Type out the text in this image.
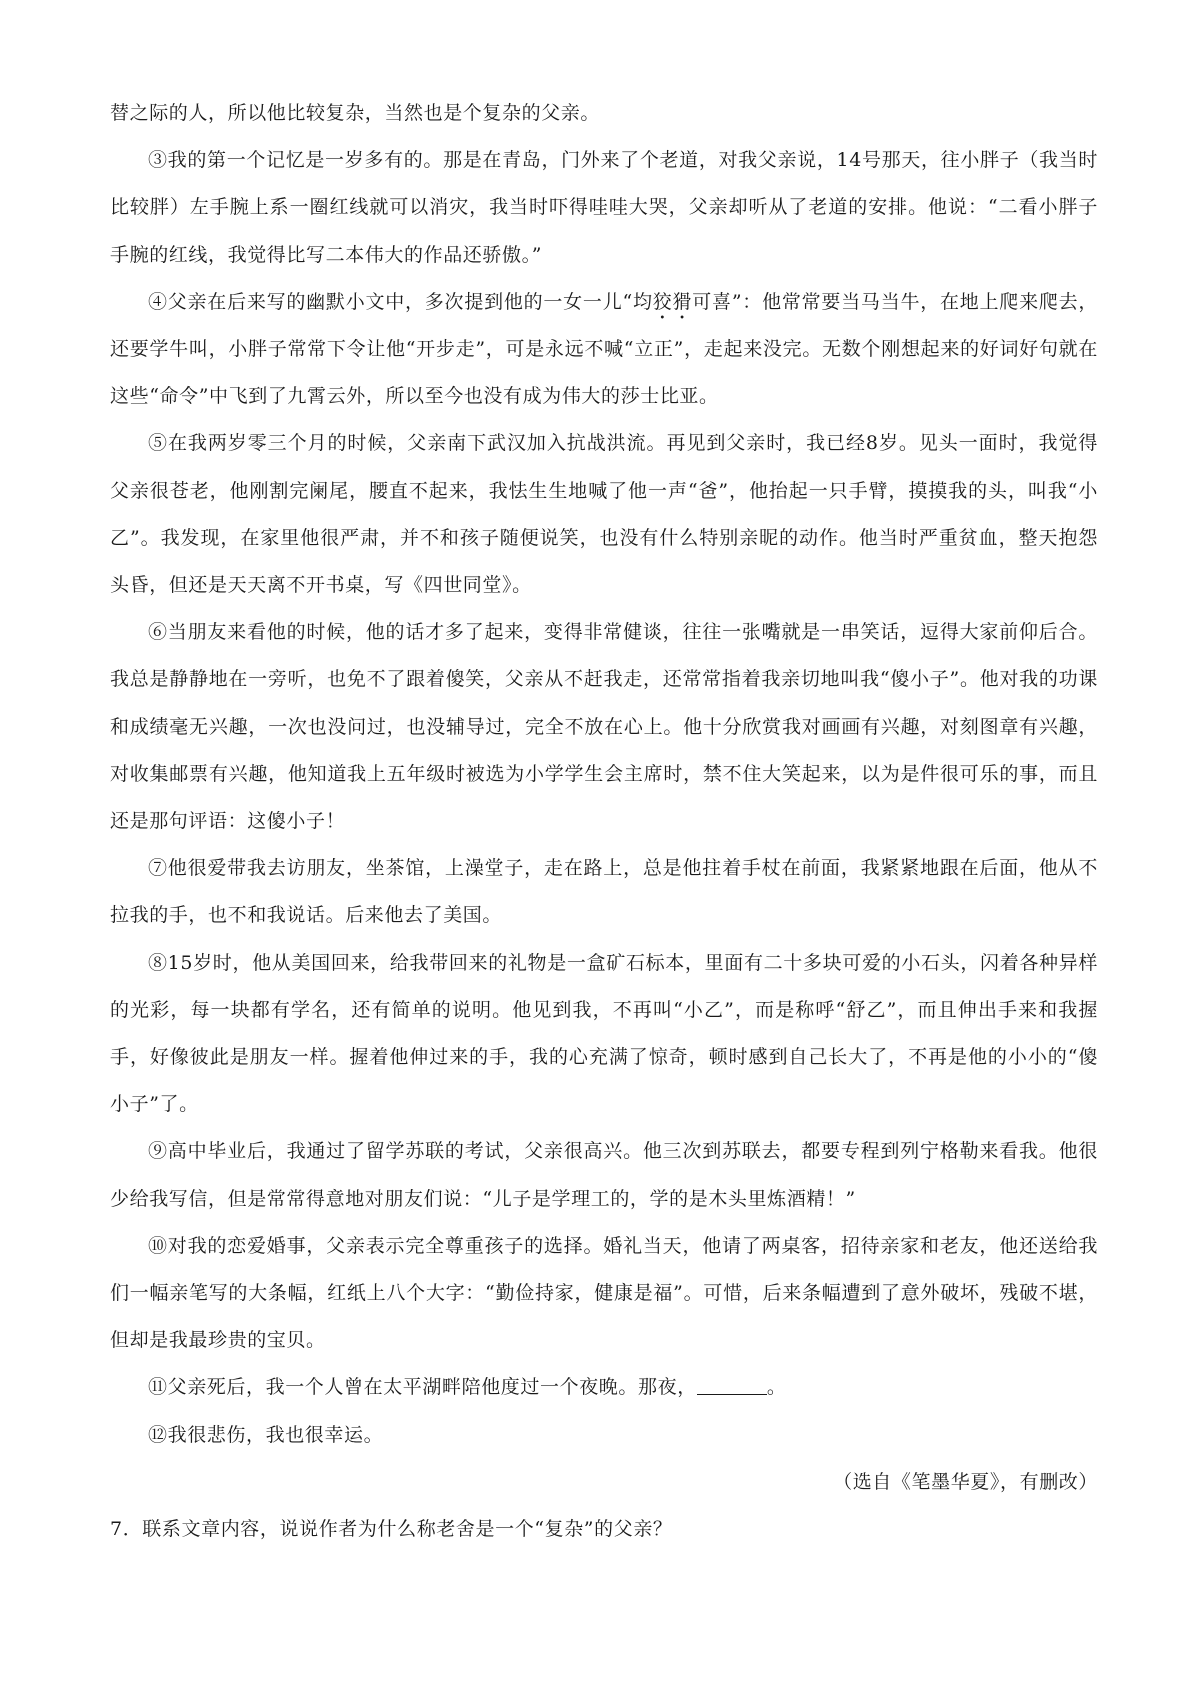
替之际的人，所以他比较复杂，当然也是个复杂的父亲。

③我的第一个记忆是一岁多有的。那是在青岛，门外来了个老道，对我父亲说，14号那天，往小胖子（我当时比较胖）左手腕上系一圈红线就可以消灾，我当时吓得哇哇大哭，父亲却听从了老道的安排。他说：“二看小胖子手腕的红线，我觉得比写二本伟大的作品还骄傲。”

④父亲在后来写的幽默小文中，多次提到他的一女一儿“均狡猾可喜”：他常常要当马当牛，在地上爬来爬去，还要学牛叫，小胖子常常下令让他“开步走”，可是永远不喊“立正”，走起来没完。无数个刚想起来的好词好句就在这些“命令”中飞到了九霄云外，所以至今也没有成为伟大的莎士比亚。

⑤在我两岁零三个月的时候，父亲南下武汉加入抗战洪流。再见到父亲时，我已经8岁。见头一面时，我觉得父亲很苍老，他刚割完阑尾，腰直不起来，我怯生生地喊了他一声“爸”，他抬起一只手臂，摸摸我的头，叫我“小乙”。我发现，在家里他很严肃，并不和孩子随便说笑，也没有什么特别亲昵的动作。他当时严重贫血，整天抱怨头昏，但还是天天离不开书桌，写《四世同堂》。

⑥当朋友来看他的时候，他的话才多了起来，变得非常健谈，往往一张嘴就是一串笑话，逗得大家前仰后合。我总是静静地在一旁听，也免不了跟着傻笑，父亲从不赶我走，还常常指着我亲切地叫我“傻小子”。他对我的功课和成绩毫无兴趣，一次也没问过，也没辅导过，完全不放在心上。他十分欣赏我对画画有兴趣，对刻图章有兴趣，对收集邮票有兴趣，他知道我上五年级时被选为小学学生会主席时，禁不住大笑起来，以为是件很可乐的事，而且还是那句评语：这傻小子！

⑦他很爱带我去访朋友，坐茶馆，上澡堂子，走在路上，总是他拄着手杖在前面，我紧紧地跟在后面，他从不拉我的手，也不和我说话。后来他去了美国。

⑧15岁时，他从美国回来，给我带回来的礼物是一盒矿石标本，里面有二十多块可爱的小石头，闪着各种异样的光彩，每一块都有学名，还有简单的说明。他见到我，不再叫“小乙”，而是称呼“舒乙”，而且伸出手来和我握手，好像彼此是朋友一样。握着他伸过来的手，我的心充满了惊奇，顿时感到自己长大了，不再是他的小小的“傻小子”了。

⑨高中毕业后，我通过了留学苏联的考试，父亲很高兴。他三次到苏联去，都要专程到列宁格勒来看我。他很少给我写信，但是常常得意地对朋友们说：“儿子是学理工的，学的是木头里炼酒精！”

⑩对我的恋爱婚事，父亲表示完全尊重孩子的选择。婚礼当天，他请了两桌客，招待亲家和老友，他还送给我们一幅亲笔写的大条幅，红纸上八个大字：“勤俭持家，健康是福”。可惜，后来条幅遭到了意外破坏，残破不堪，但却是我最珍贵的宝贝。

⑪父亲死后，我一个人曾在太平湖畔陪他度过一个夜晚。那夜，	。

⑫我很悲伤，我也很幸运。

（选自《笔墨华夏》，有删改）

7．联系文章内容，说说作者为什么称老舍是一个“复杂”的父亲？
